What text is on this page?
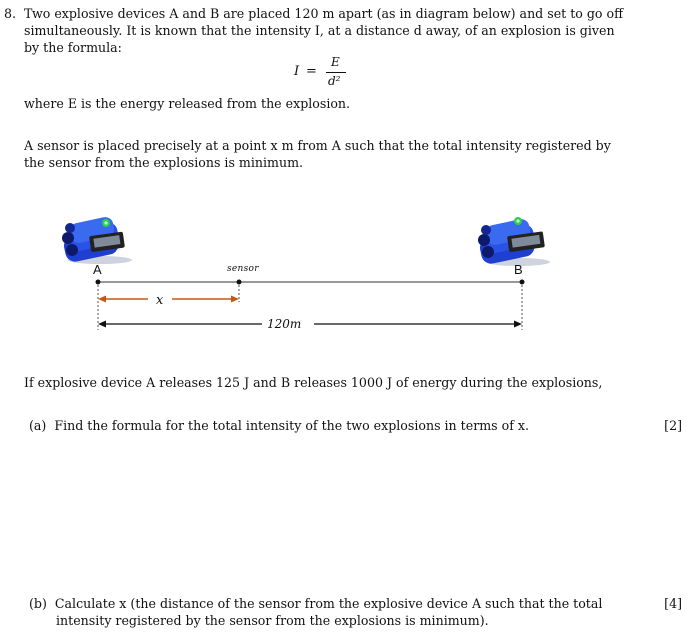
8. Two explosive devices A and B are placed 120 m apart (as in diagram below) and set to go off
simultaneously. It is known that the intensity I, at a distance d away, of an explosion is given
by the formula:
I =
E
d²
where E is the energy released from the explosion.
A sensor is placed precisely at a point x m from A such that the total intensity registered by
the sensor from the explosions is minimum.
A	B
sensor
x
120m
If explosive device A releases 125 J and B releases 1000 J of energy during the explosions,
(a) Find the formula for the total intensity of the two explosions in terms of x.	[2]
(b) Calculate x (the distance of the sensor from the explosive device A such that the total
intensity registered by the sensor from the explosions is minimum).
[4]
